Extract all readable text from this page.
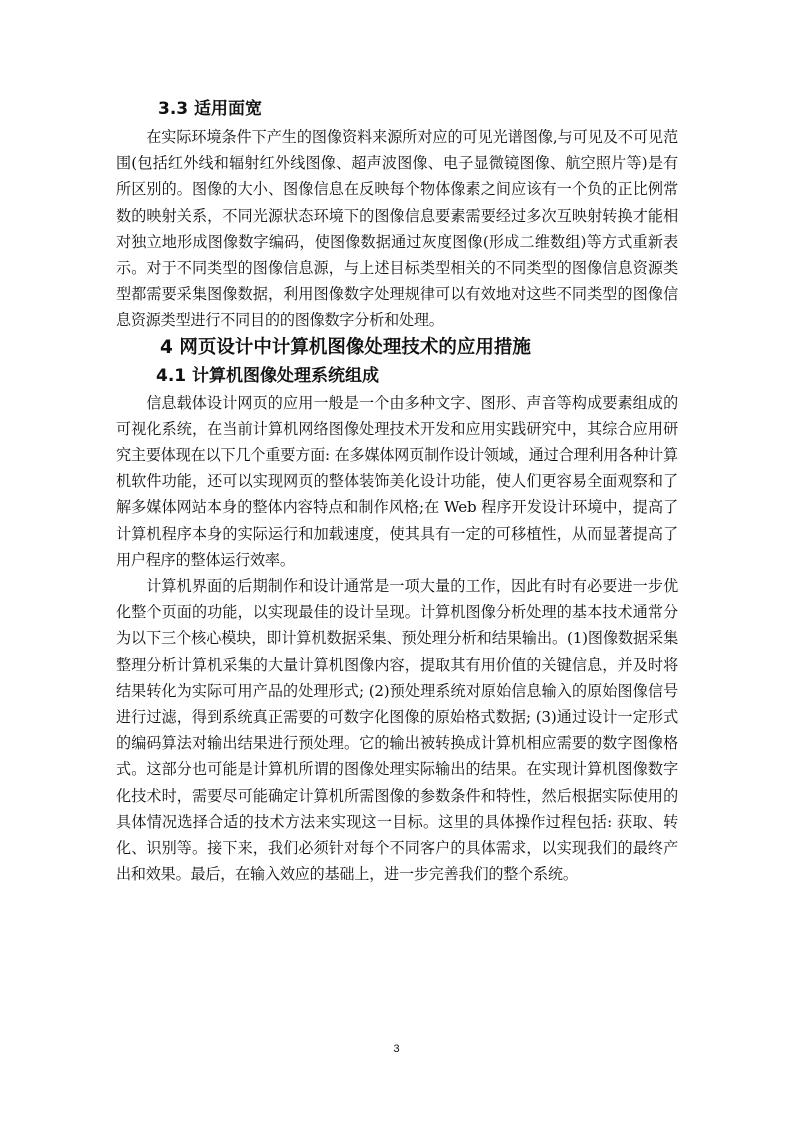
3.3 适用面宽

在实际环境条件下产生的图像资料来源所对应的可见光谱图像,与可见及不可见范围(包括红外线和辐射红外线图像、超声波图像、电子显微镜图像、航空照片等)是有所区别的。图像的大小、图像信息在反映每个物体像素之间应该有一个负的正比例常数的映射关系，不同光源状态环境下的图像信息要素需要经过多次互映射转换才能相对独立地形成图像数字编码，使图像数据通过灰度图像(形成二维数组)等方式重新表示。对于不同类型的图像信息源，与上述目标类型相关的不同类型的图像信息资源类型都需要采集图像数据，利用图像数字处理规律可以有效地对这些不同类型的图像信息资源类型进行不同目的的图像数字分析和处理。

4 网页设计中计算机图像处理技术的应用措施
4.1 计算机图像处理系统组成

信息载体设计网页的应用一般是一个由多种文字、图形、声音等构成要素组成的可视化系统，在当前计算机网络图像处理技术开发和应用实践研究中，其综合应用研究主要体现在以下几个重要方面: 在多媒体网页制作设计领域，通过合理利用各种计算机软件功能，还可以实现网页的整体装饰美化设计功能，使人们更容易全面观察和了解多媒体网站本身的整体内容特点和制作风格;在 Web 程序开发设计环境中，提高了计算机程序本身的实际运行和加载速度，使其具有一定的可移植性，从而显著提高了用户程序的整体运行效率。

计算机界面的后期制作和设计通常是一项大量的工作，因此有时有必要进一步优化整个页面的功能，以实现最佳的设计呈现。计算机图像分析处理的基本技术通常分为以下三个核心模块，即计算机数据采集、预处理分析和结果输出。(1)图像数据采集整理分析计算机采集的大量计算机图像内容，提取其有用价值的关键信息，并及时将结果转化为实际可用产品的处理形式; (2)预处理系统对原始信息输入的原始图像信号进行过滤，得到系统真正需要的可数字化图像的原始格式数据; (3)通过设计一定形式的编码算法对输出结果进行预处理。它的输出被转换成计算机相应需要的数字图像格式。这部分也可能是计算机所谓的图像处理实际输出的结果。在实现计算机图像数字化技术时，需要尽可能确定计算机所需图像的参数条件和特性，然后根据实际使用的具体情况选择合适的技术方法来实现这一目标。这里的具体操作过程包括: 获取、转化、识别等。接下来，我们必须针对每个不同客户的具体需求，以实现我们的最终产出和效果。最后，在输入效应的基础上，进一步完善我们的整个系统。

3
